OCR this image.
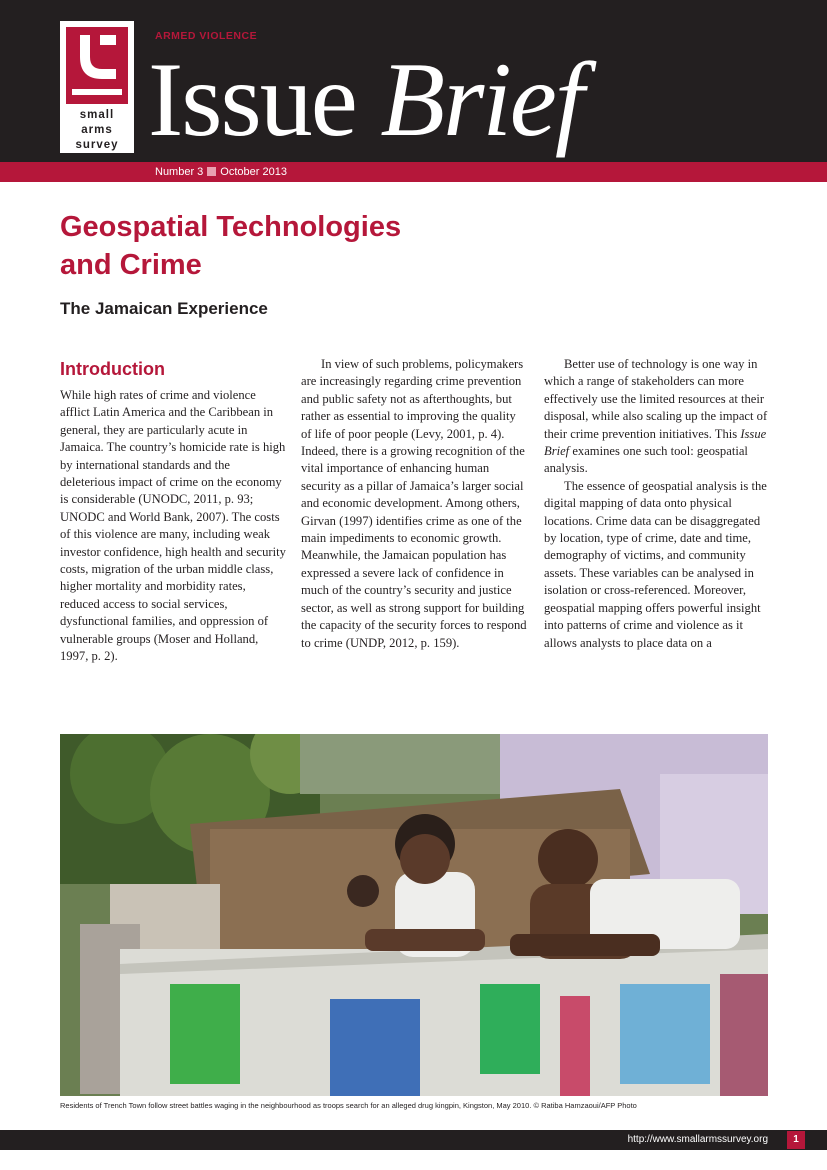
small
arms
survey
ARMED VIOLENCE
Issue Brief
Number 3 October 2013
Geospatial Technologies
and Crime
The Jamaican Experience
Introduction

While high rates of crime and violence afflict Latin America and the Caribbean in general, they are particularly acute in Jamaica. The country’s homicide rate is high by international standards and the deleterious impact of crime on the economy is considerable (UNODC, 2011, p. 93; UNODC and World Bank, 2007). The costs of this violence are many, including weak investor confidence, high health and security costs, migration of the urban middle class, higher mortality and morbidity rates, reduced access to social services, dysfunctional families, and oppression of vulnerable groups (Moser and Holland, 1997, p. 2).

In view of such problems, policymakers are increasingly regarding crime prevention and public safety not as afterthoughts, but rather as essential to improving the quality of life of poor people (Levy, 2001, p. 4). Indeed, there is a growing recognition of the vital importance of enhancing human security as a pillar of Jamaica’s larger social and economic development. Among others, Girvan (1997) identifies crime as one of the main impediments to economic growth. Meanwhile, the Jamaican population has expressed a severe lack of confidence in much of the country’s security and justice sector, as well as strong support for building the capacity of the security forces to respond to crime (UNDP, 2012, p. 159).

Better use of technology is one way in which a range of stakeholders can more effectively use the limited resources at their disposal, while also scaling up the impact of their crime prevention initiatives. This Issue Brief examines one such tool: geospatial analysis.

The essence of geospatial analysis is the digital mapping of data onto physical locations. Crime data can be disaggregated by location, type of crime, date and time, demography of victims, and community assets. These variables can be analysed in isolation or cross-referenced. Moreover, geospatial mapping offers powerful insight into patterns of crime and violence as it allows analysts to place data on a

Residents of Trench Town follow street battles waging in the neighbourhood as troops search for an alleged drug kingpin, Kingston, May 2010. © Ratiba Hamzaoui/AFP Photo
http://www.smallarmssurvey.org	1
